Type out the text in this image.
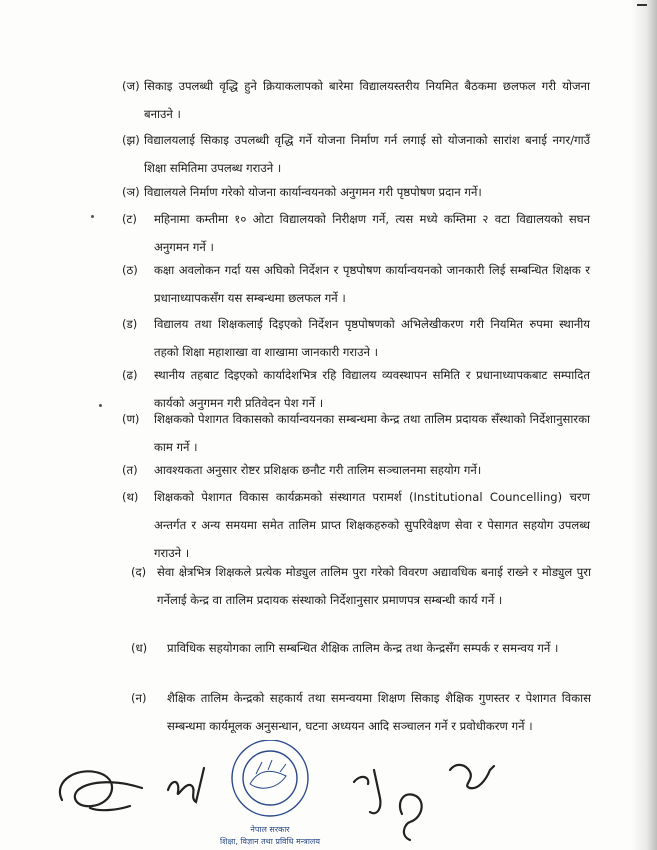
(ज) सिकाइ उपलब्धी वृद्धि हुने क्रियाकलापको बारेमा विद्यालयस्तरीय नियमित बैठकमा छलफल गरी योजना बनाउने ।
(झ) विद्यालयलाई सिकाइ उपलब्धी वृद्धि गर्ने योजना निर्माण गर्न लगाई सो योजनाको सारांश बनाई नगर/गाउँ शिक्षा समितिमा उपलब्ध गराउने ।
(ञ) विद्यालयले निर्माण गरेको योजना कार्यान्वयनको अनुगमन गरी पृष्ठपोषण प्रदान गर्ने।
(ट) महिनामा कम्तीमा १० ओटा विद्यालयको निरीक्षण गर्ने, त्यस मध्ये कम्तिमा २ वटा विद्यालयको सघन अनुगमन गर्ने ।
(ठ) कक्षा अवलोकन गर्दा यस अघिको निर्देशन र पृष्ठपोषण कार्यान्वयनको जानकारी लिई सम्बन्धित शिक्षक र प्रधानाध्यापकसँग यस सम्बन्धमा छलफल गर्ने ।
(ड) विद्यालय तथा शिक्षकलाई दिइएको निर्देशन पृष्ठपोषणको अभिलेखीकरण गरी नियमित रुपमा स्थानीय तहको शिक्षा महाशाखा वा शाखामा जानकारी गराउने ।
(ढ) स्थानीय तहबाट दिइएको कार्यादेशभित्र रहि विद्यालय व्यवस्थापन समिति र प्रधानाध्यापकबाट सम्पादित कार्यको अनुगमन गरी प्रतिवेदन पेश गर्ने ।
(ण) शिक्षकको पेशागत विकासको कार्यान्वयनका सम्बन्धमा केन्द्र तथा तालिम प्रदायक सँस्थाको निर्देशानुसारका काम गर्ने ।
(त) आवश्यकता अनुसार रोष्टर प्रशिक्षक छनौट गरी तालिम सञ्चालनमा सहयोग गर्ने।
(थ) शिक्षकको पेशागत विकास कार्यक्रमको संस्थागत परामर्श (Institutional Councelling) चरण अन्तर्गत र अन्य समयमा समेत तालिम प्राप्त शिक्षकहरुको सुपरिवेक्षण सेवा र पेसागत सहयोग उपलब्ध गराउने ।
(द) सेवा क्षेत्रभित्र शिक्षकले प्रत्येक मोड्युल तालिम पुरा गरेको विवरण अद्यावधिक बनाई राख्ने र मोड्युल पुरा गर्नेलाई केन्द्र वा तालिम प्रदायक संस्थाको निर्देशानुसार प्रमाणपत्र सम्बन्धी कार्य गर्ने ।
(ध) प्राविधिक सहयोगका लागि सम्बन्धित शैक्षिक तालिम केन्द्र तथा केन्द्रसँग सम्पर्क र समन्वय गर्ने ।
(न) शैक्षिक तालिम केन्द्रको सहकार्य तथा समन्वयमा शिक्षण सिकाइ शैक्षिक गुणस्तर र पेशागत विकास सम्बन्धमा कार्यमूलक अनुसन्धान, घटना अध्ययन आदि सञ्चालन गर्ने र प्रवोधीकरण गर्ने ।
नेपाल सरकार
शिक्षा, विज्ञान तथा प्रविधि मन्त्रालय
